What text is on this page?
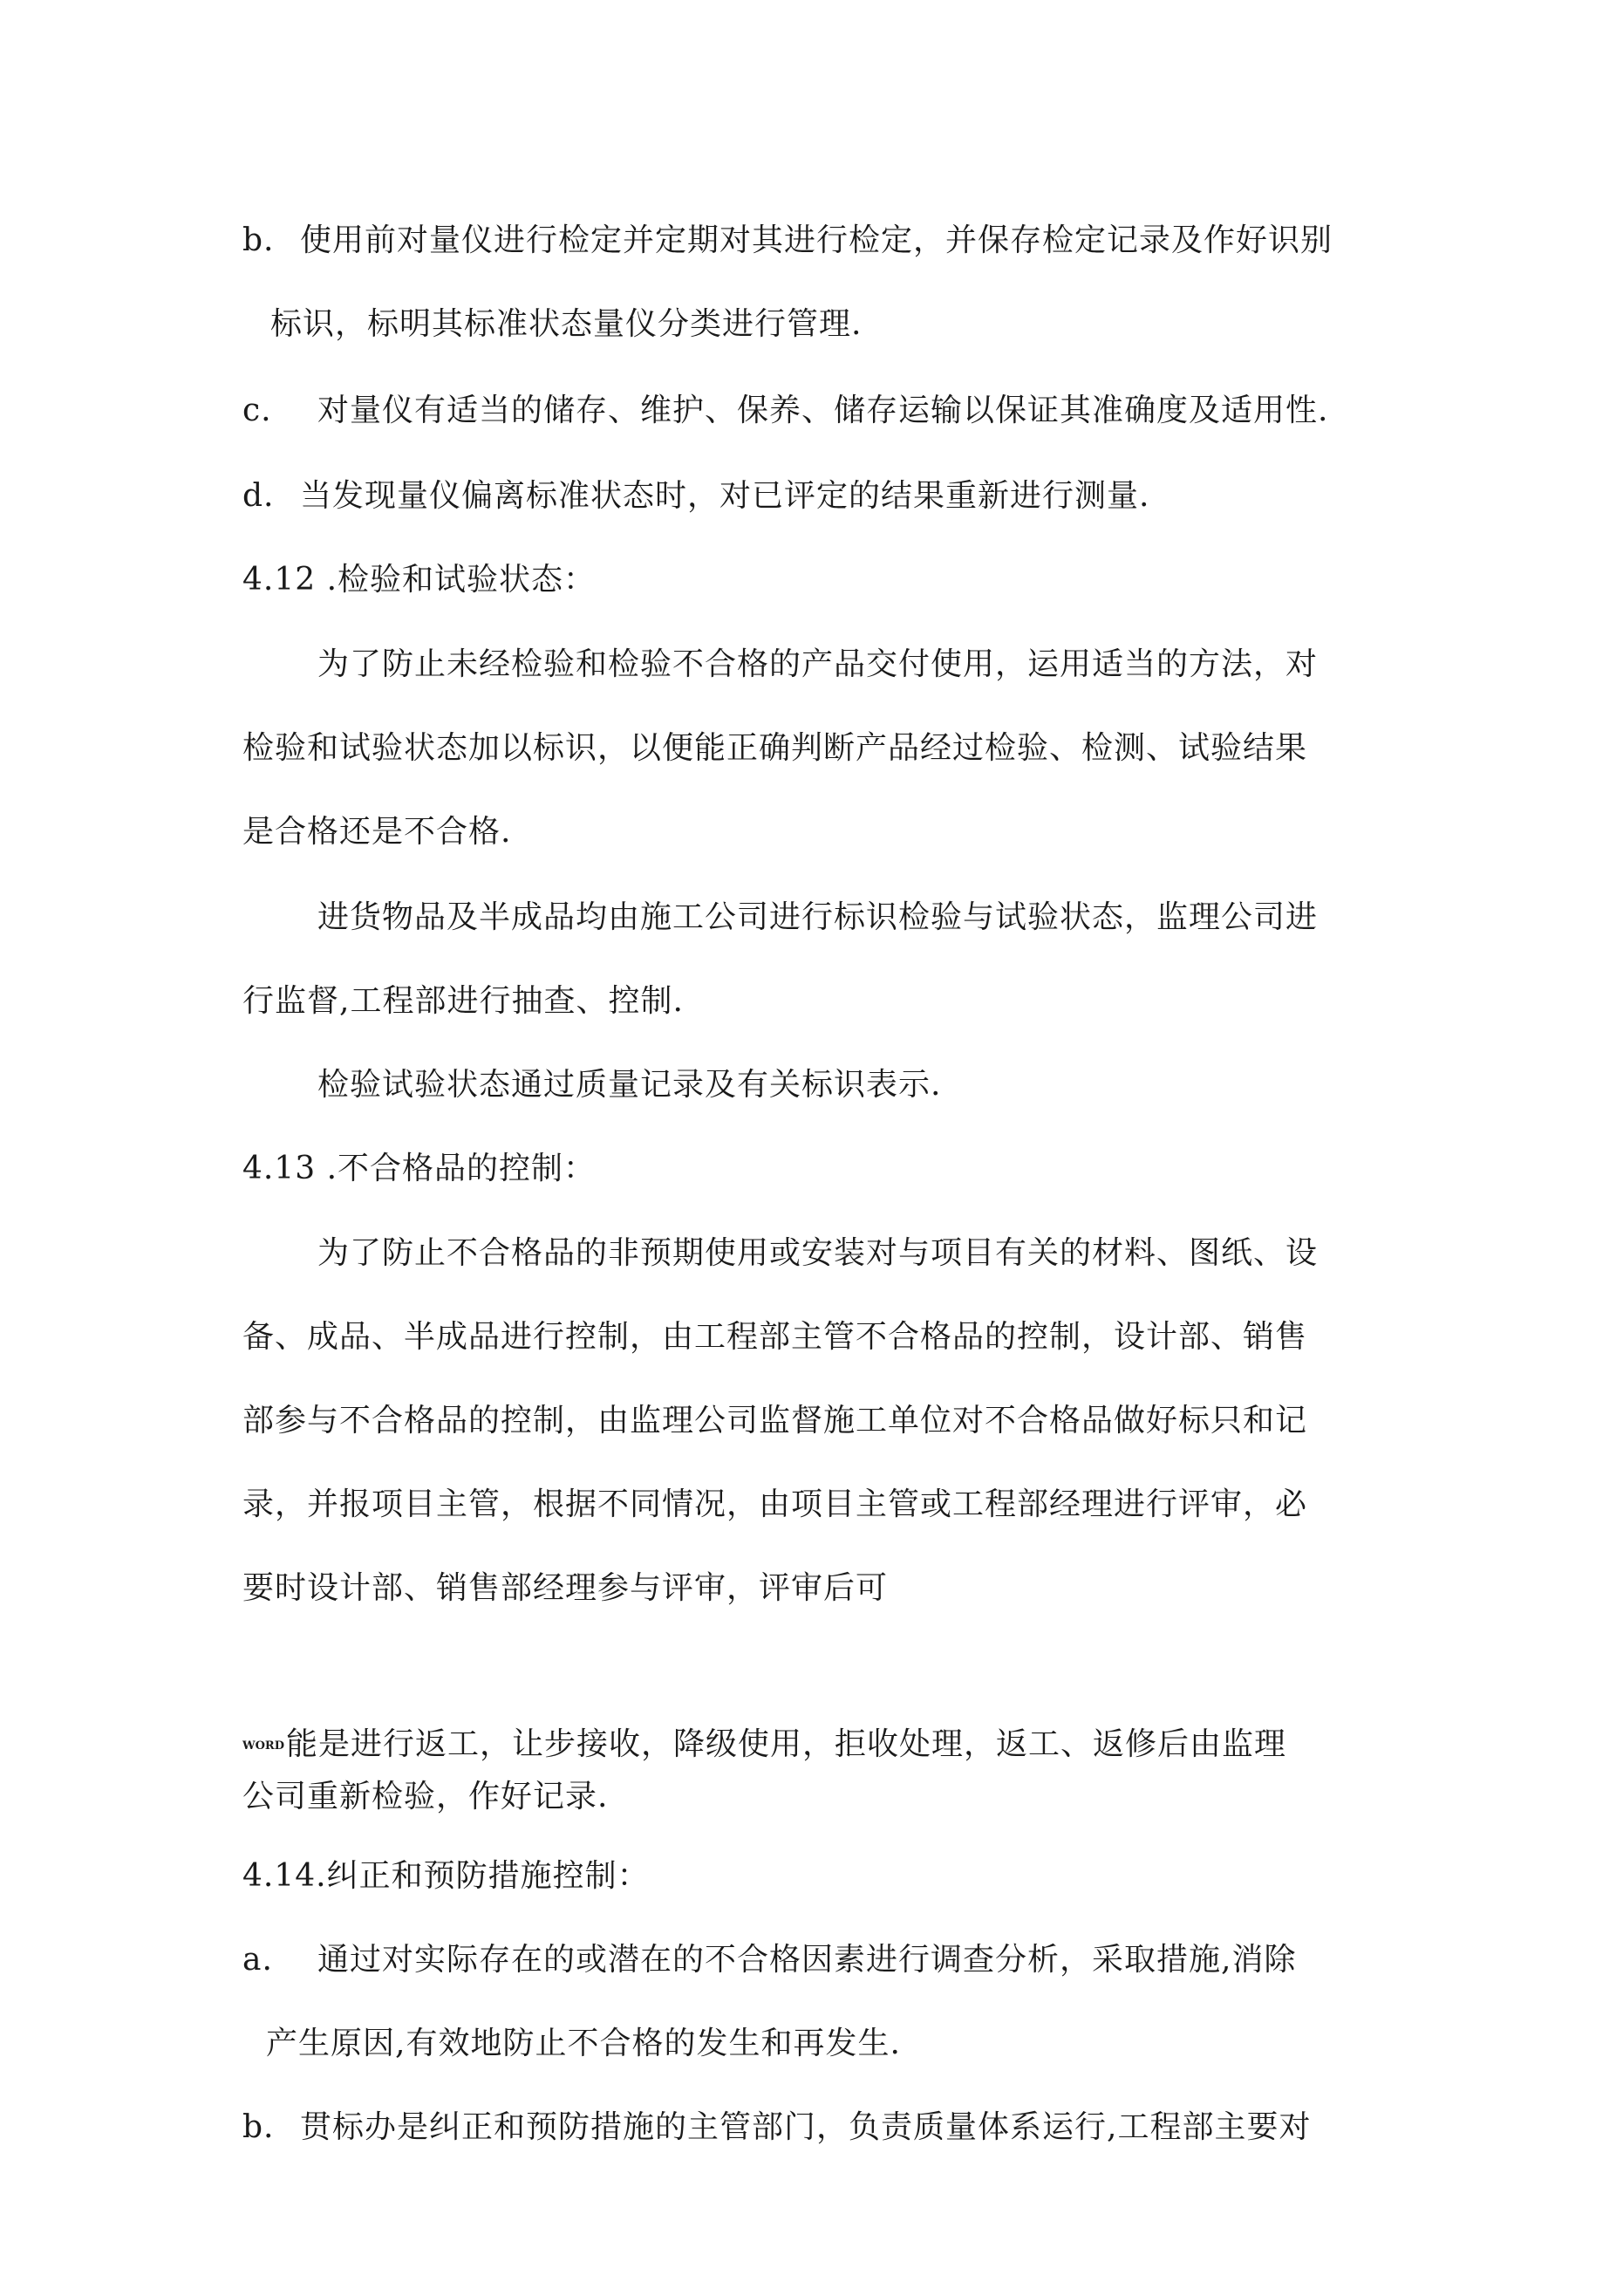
b. 使用前对量仪进行检定并定期对其进行检定，并保存检定记录及作好识别
标识，标明其标准状态量仪分类进行管理.
c. 对量仪有适当的储存、维护、保养、储存运输以保证其准确度及适用性.
d. 当发现量仪偏离标准状态时，对已评定的结果重新进行测量.
4.12 .检验和试验状态：
为了防止未经检验和检验不合格的产品交付使用，运用适当的方法，对
检验和试验状态加以标识，以便能正确判断产品经过检验、检测、试验结果
是合格还是不合格.
进货物品及半成品均由施工公司进行标识检验与试验状态，监理公司进
行监督,工程部进行抽查、控制.
检验试验状态通过质量记录及有关标识表示.
4.13 .不合格品的控制：
为了防止不合格品的非预期使用或安装对与项目有关的材料、图纸、设
备、成品、半成品进行控制，由工程部主管不合格品的控制，设计部、销售
部参与不合格品的控制，由监理公司监督施工单位对不合格品做好标只和记
录，并报项目主管，根据不同情况，由项目主管或工程部经理进行评审，必
要时设计部、销售部经理参与评审，评审后可
WORD能是进行返工，让步接收，降级使用，拒收处理，返工、返修后由监理
公司重新检验，作好记录.
4.14.纠正和预防措施控制：
a. 通过对实际存在的或潜在的不合格因素进行调查分析，采取措施,消除
产生原因,有效地防止不合格的发生和再发生.
b. 贯标办是纠正和预防措施的主管部门，负责质量体系运行,工程部主要对
